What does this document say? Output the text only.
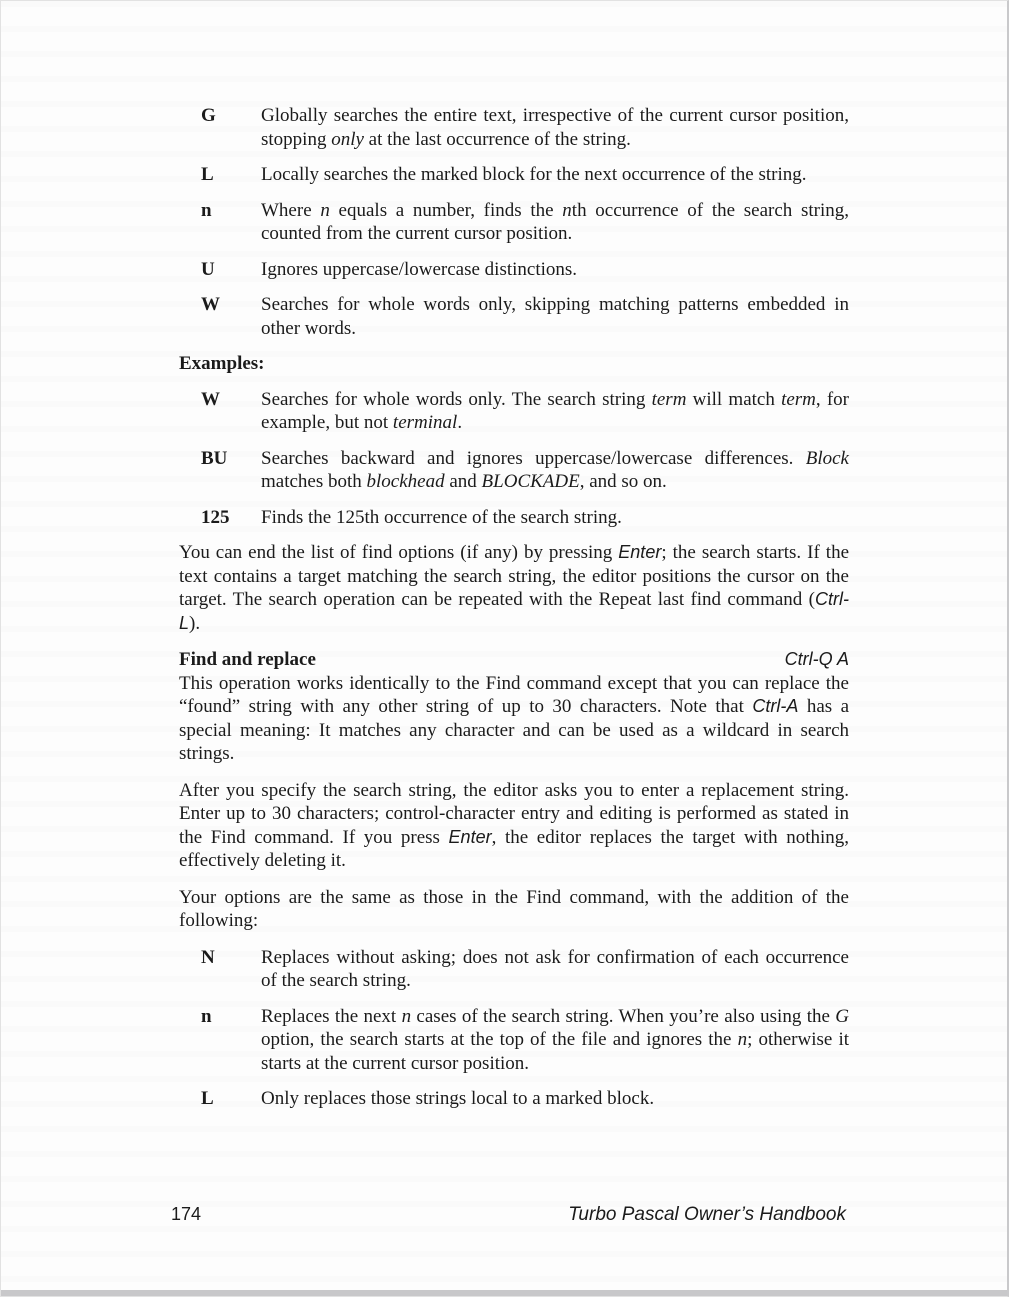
G	Globally searches the entire text, irrespective of the current cursor position, stopping only at the last occurrence of the string.
L	Locally searches the marked block for the next occurrence of the string.
n	Where n equals a number, finds the nth occurrence of the search string, counted from the current cursor position.
U	Ignores uppercase/lowercase distinctions.
W	Searches for whole words only, skipping matching patterns embedded in other words.
Examples:
W	Searches for whole words only. The search string term will match term, for example, but not terminal.
BU	Searches backward and ignores uppercase/lowercase differences. Block matches both blockhead and BLOCKADE, and so on.
125	Finds the 125th occurrence of the search string.
You can end the list of find options (if any) by pressing Enter; the search starts. If the text contains a target matching the search string, the editor positions the cursor on the target. The search operation can be repeated with the Repeat last find command (Ctrl-L).
Find and replace	Ctrl-Q A
This operation works identically to the Find command except that you can replace the “found” string with any other string of up to 30 characters. Note that Ctrl-A has a special meaning: It matches any character and can be used as a wildcard in search strings.
After you specify the search string, the editor asks you to enter a replacement string. Enter up to 30 characters; control-character entry and editing is performed as stated in the Find command. If you press Enter, the editor replaces the target with nothing, effectively deleting it.
Your options are the same as those in the Find command, with the addition of the following:
N	Replaces without asking; does not ask for confirmation of each occurrence of the search string.
n	Replaces the next n cases of the search string. When you’re also using the G option, the search starts at the top of the file and ignores the n; otherwise it starts at the current cursor position.
L	Only replaces those strings local to a marked block.
174	Turbo Pascal Owner’s Handbook
